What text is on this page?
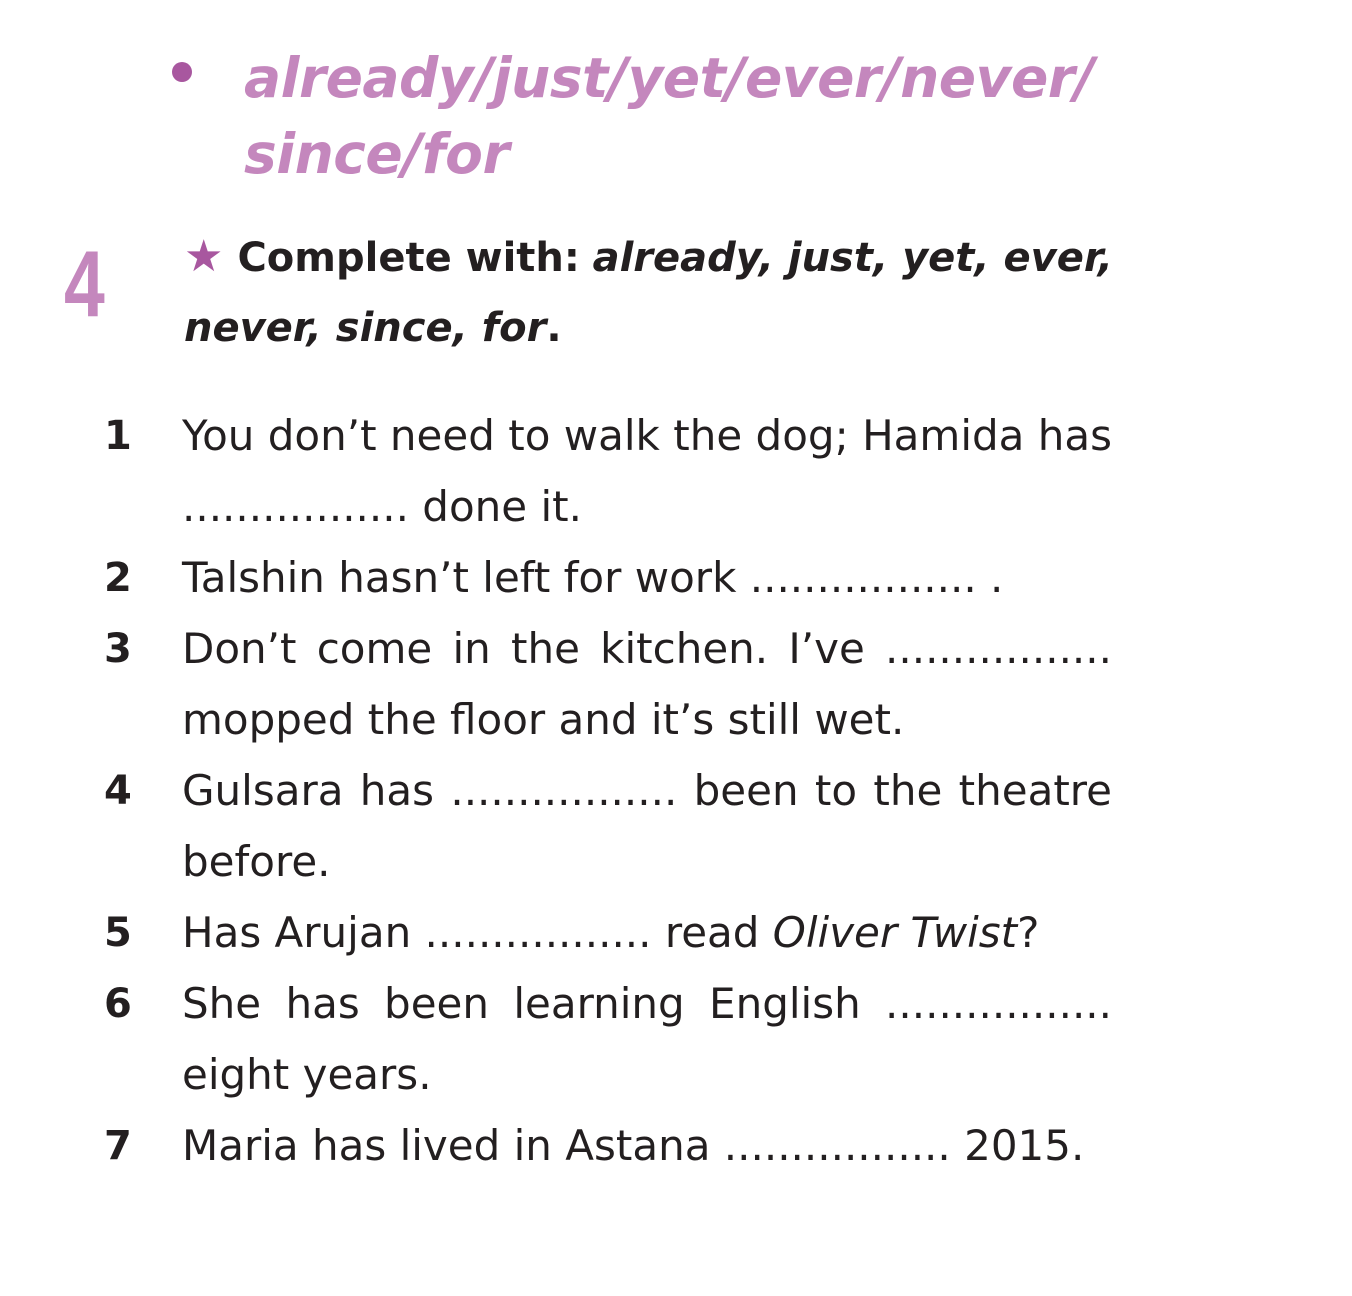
already/just/yet/ever/never/
since/for
4 ★ Complete with: already, just, yet, ever, never, since, for.

1 You don’t need to walk the dog; Hamida has ................. done it.
2 Talshin hasn’t left for work ................. .
3 Don’t come in the kitchen. I’ve ................. mopped the floor and it’s still wet.
4 Gulsara has ................. been to the theatre before.
5 Has Arujan ................. read Oliver Twist?
6 She has been learning English ................. eight years.
7 Maria has lived in Astana ................. 2015.
